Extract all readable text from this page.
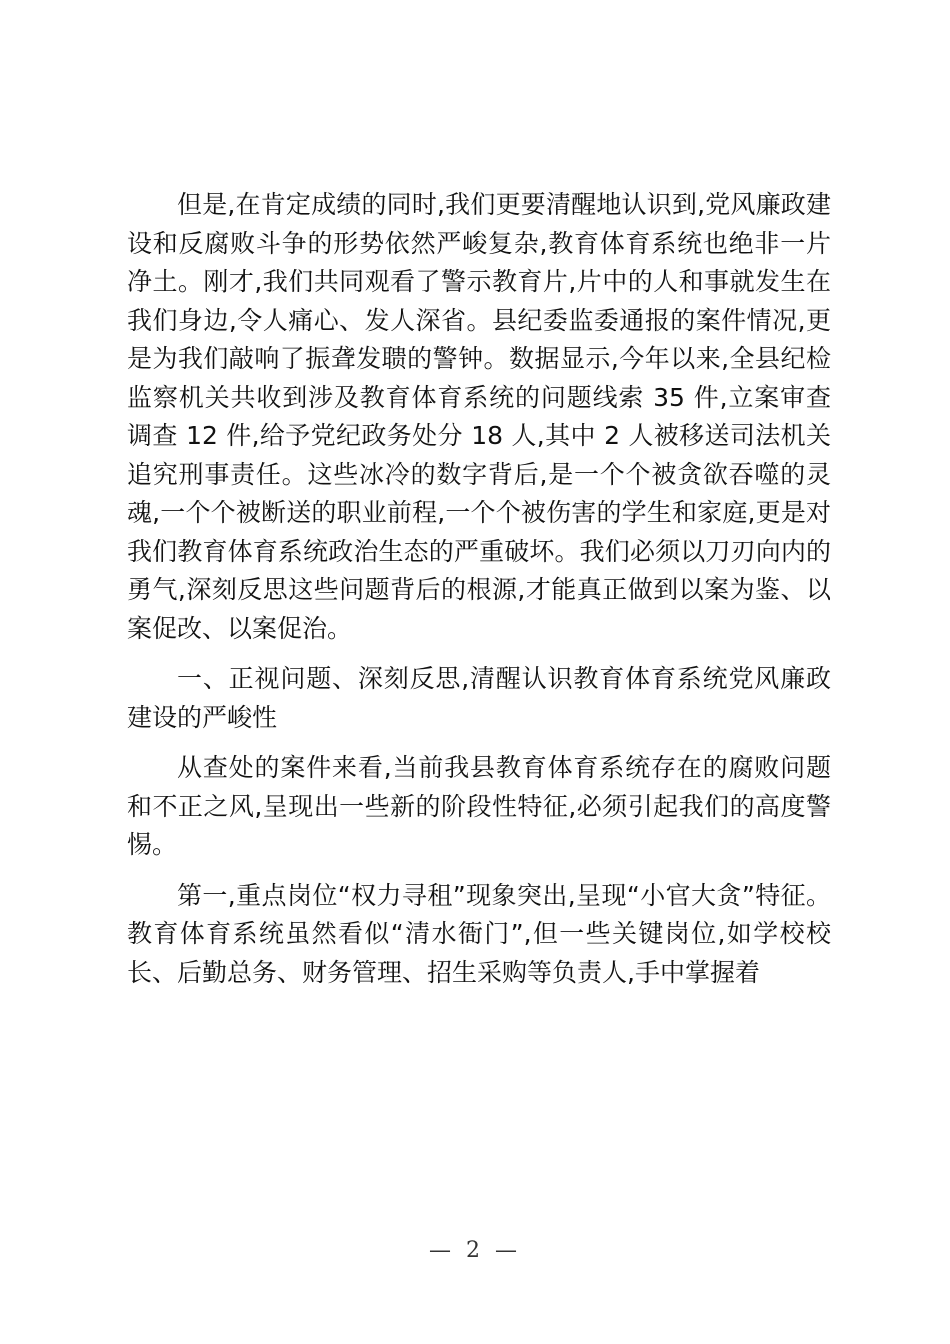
但是,在肯定成绩的同时,我们更要清醒地认识到,党风廉政建设和反腐败斗争的形势依然严峻复杂,教育体育系统也绝非一片净土。刚才,我们共同观看了警示教育片,片中的人和事就发生在我们身边,令人痛心、发人深省。县纪委监委通报的案件情况,更是为我们敲响了振聋发聩的警钟。数据显示,今年以来,全县纪检监察机关共收到涉及教育体育系统的问题线索 35 件,立案审查调查 12 件,给予党纪政务处分 18 人,其中 2 人被移送司法机关追究刑事责任。这些冰冷的数字背后,是一个个被贪欲吞噬的灵魂,一个个被断送的职业前程,一个个被伤害的学生和家庭,更是对我们教育体育系统政治生态的严重破坏。我们必须以刀刃向内的勇气,深刻反思这些问题背后的根源,才能真正做到以案为鉴、以案促改、以案促治。

一、正视问题、深刻反思,清醒认识教育体育系统党风廉政建设的严峻性

从查处的案件来看,当前我县教育体育系统存在的腐败问题和不正之风,呈现出一些新的阶段性特征,必须引起我们的高度警惕。

第一,重点岗位“权力寻租”现象突出,呈现“小官大贪”特征。教育体育系统虽然看似“清水衙门”,但一些关键岗位,如学校校长、后勤总务、财务管理、招生采购等负责人,手中掌握着

— 2 —
